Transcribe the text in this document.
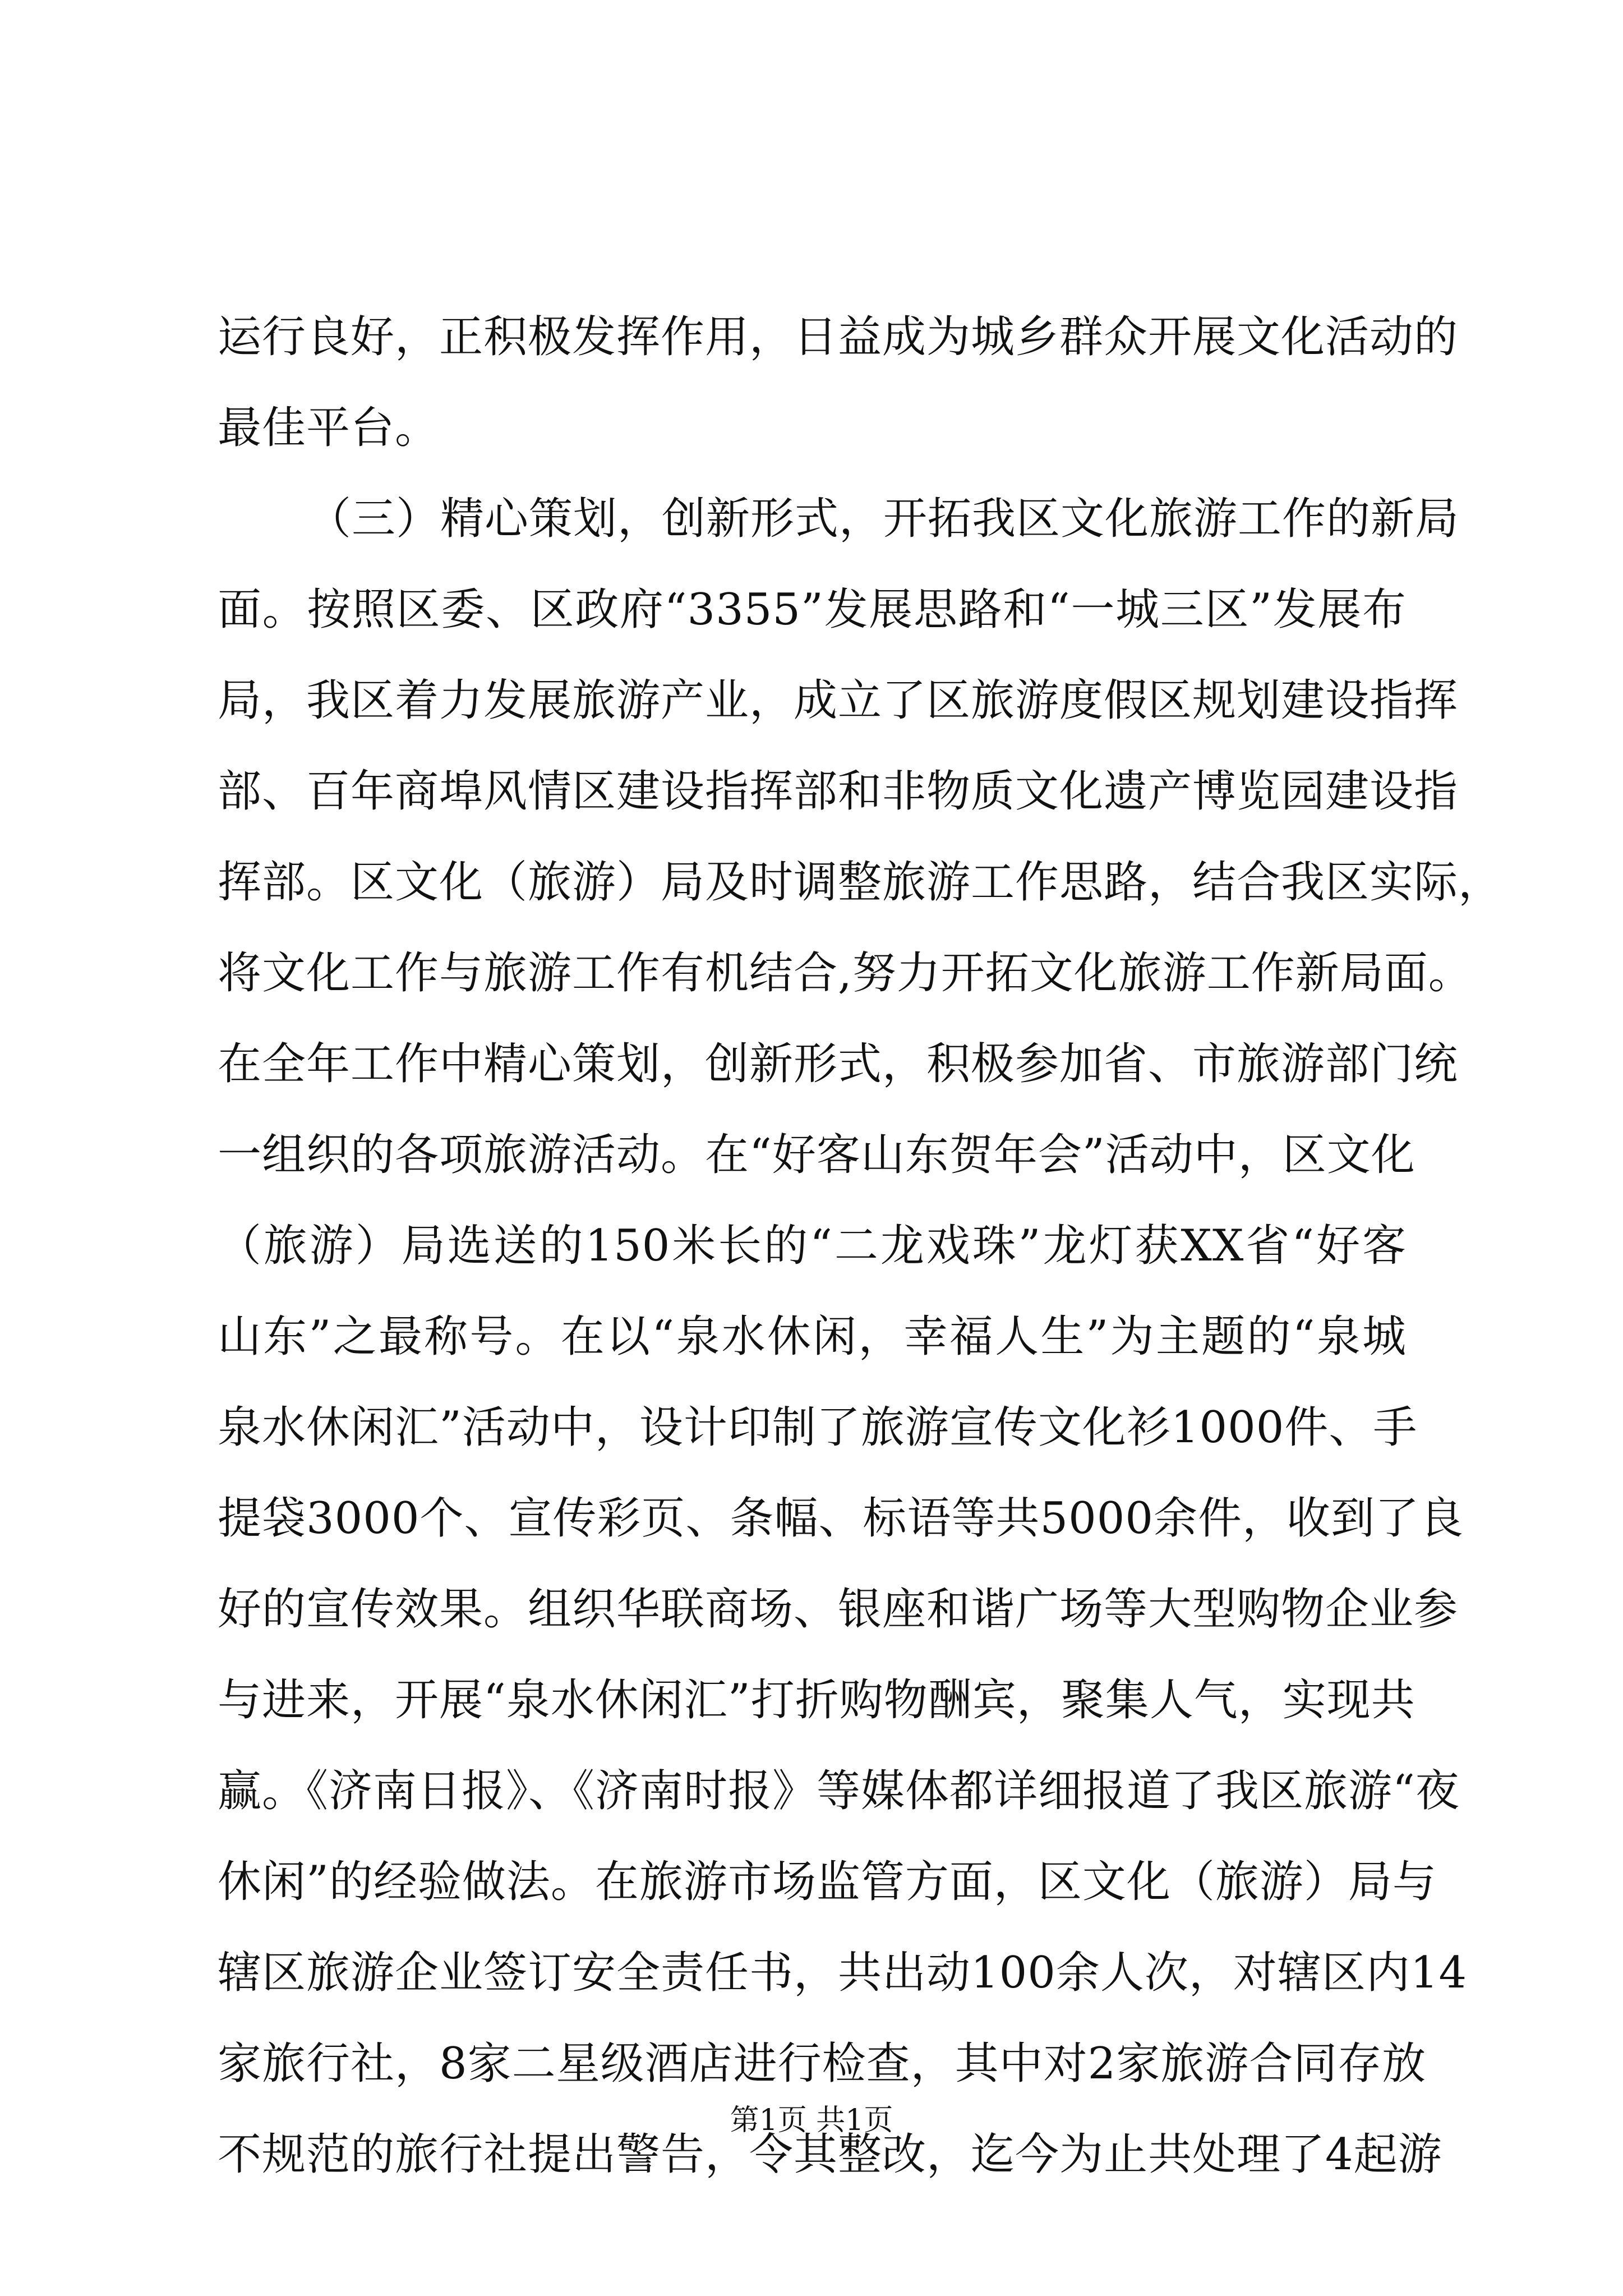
运行良好，正积极发挥作用，日益成为城乡群众开展文化活动的
最佳平台。
（三）精心策划，创新形式，开拓我区文化旅游工作的新局
面。按照区委、区政府“3355”发展思路和“一城三区”发展布
局，我区着力发展旅游产业，成立了区旅游度假区规划建设指挥
部、百年商埠风情区建设指挥部和非物质文化遗产博览园建设指
挥部。区文化（旅游）局及时调整旅游工作思路，结合我区实际，
将文化工作与旅游工作有机结合,努力开拓文化旅游工作新局面。
在全年工作中精心策划，创新形式，积极参加省、市旅游部门统
一组织的各项旅游活动。在“好客山东贺年会”活动中，区文化
（旅游）局选送的150米长的“二龙戏珠”龙灯获XX省“好客
山东”之最称号。在以“泉水休闲，幸福人生”为主题的“泉城
泉水休闲汇”活动中，设计印制了旅游宣传文化衫1000件、手
提袋3000个、宣传彩页、条幅、标语等共5000余件，收到了良
好的宣传效果。组织华联商场、银座和谐广场等大型购物企业参
与进来，开展“泉水休闲汇”打折购物酬宾，聚集人气，实现共
赢。《济南日报》、《济南时报》等媒体都详细报道了我区旅游“夜
休闲”的经验做法。在旅游市场监管方面，区文化（旅游）局与
辖区旅游企业签订安全责任书，共出动100余人次，对辖区内14
家旅行社，8家二星级酒店进行检查，其中对2家旅游合同存放
不规范的旅行社提出警告，令其整改，迄今为止共处理了4起游
第1页 共1页
